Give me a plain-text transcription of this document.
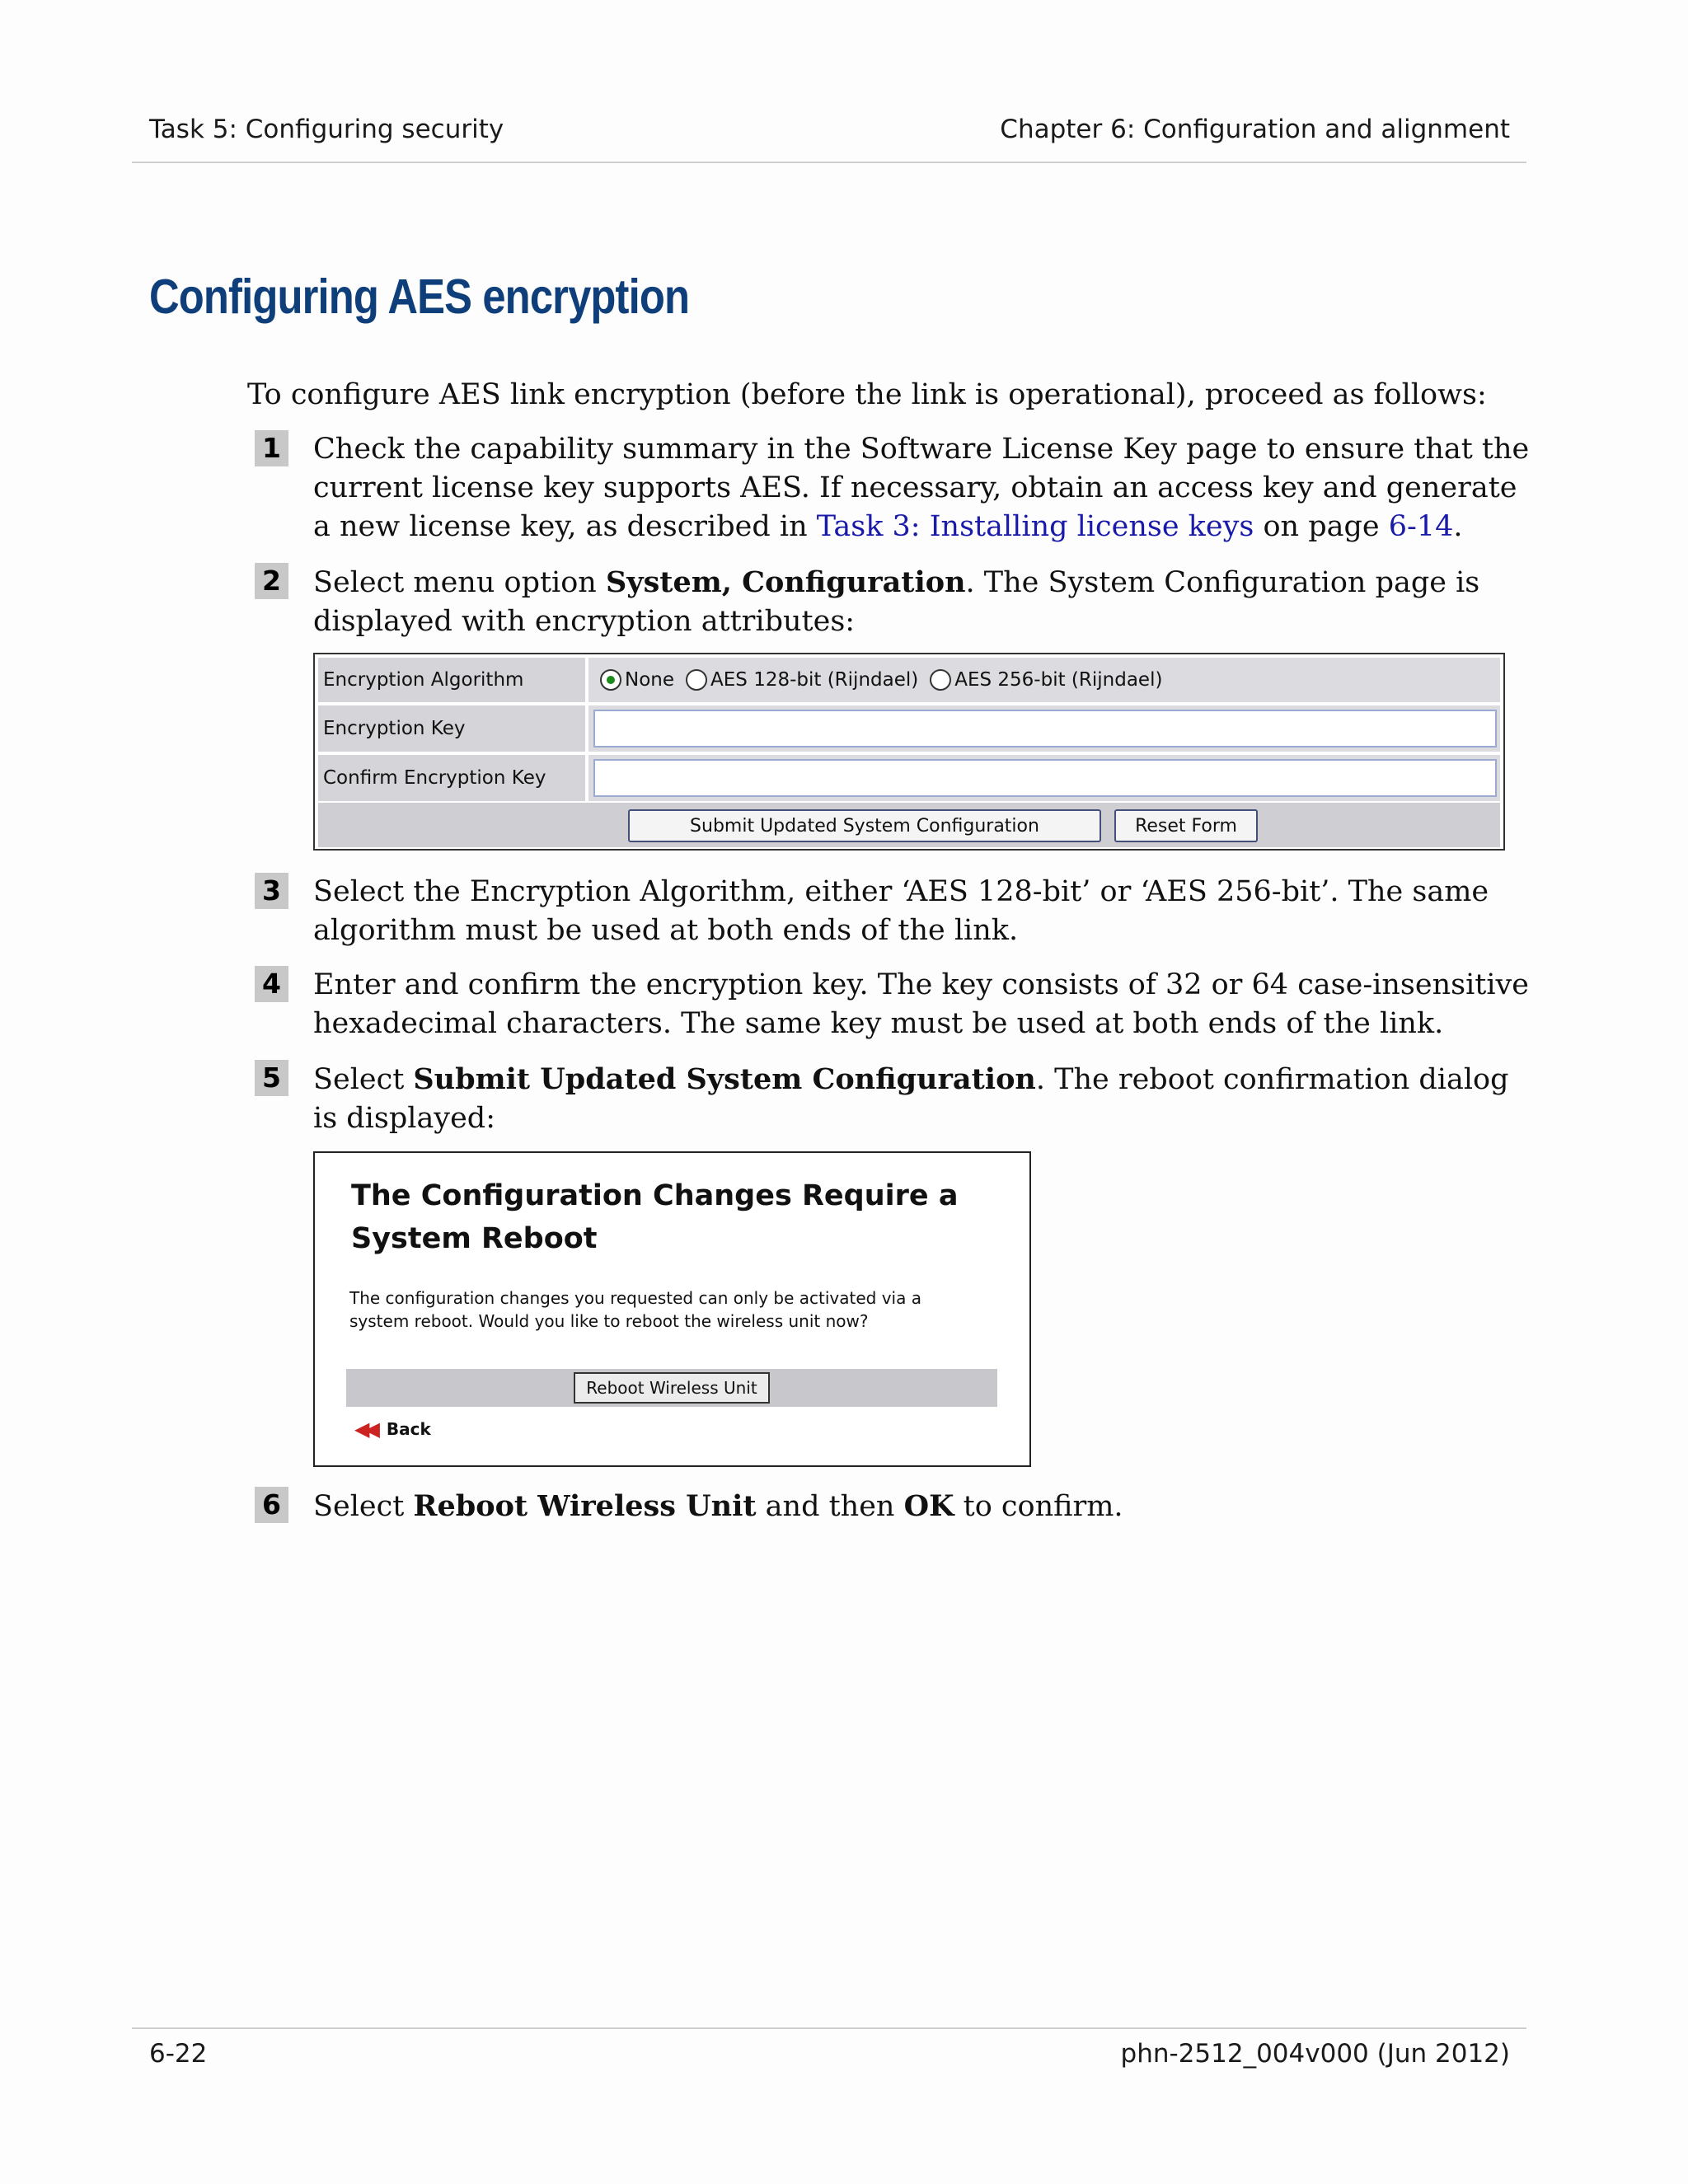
Task 5: Configuring security	Chapter 6: Configuration and alignment
Configuring AES encryption
To configure AES link encryption (before the link is operational), proceed as follows:
1 Check the capability summary in the Software License Key page to ensure that the current license key supports AES. If necessary, obtain an access key and generate a new license key, as described in Task 3: Installing license keys on page 6-14.
2 Select menu option System, Configuration. The System Configuration page is displayed with encryption attributes:
Encryption Algorithm	None AES 128-bit (Rijndael) AES 256-bit (Rijndael)
Encryption Key
Confirm Encryption Key
Submit Updated System Configuration	Reset Form
3 Select the Encryption Algorithm, either ‘AES 128-bit’ or ‘AES 256-bit’. The same algorithm must be used at both ends of the link.
4 Enter and confirm the encryption key. The key consists of 32 or 64 case-insensitive hexadecimal characters. The same key must be used at both ends of the link.
5 Select Submit Updated System Configuration. The reboot confirmation dialog is displayed:
The Configuration Changes Require a System Reboot
The configuration changes you requested can only be activated via a system reboot. Would you like to reboot the wireless unit now?
Reboot Wireless Unit
◀◀ Back
6 Select Reboot Wireless Unit and then OK to confirm.
6-22	phn-2512_004v000 (Jun 2012)
